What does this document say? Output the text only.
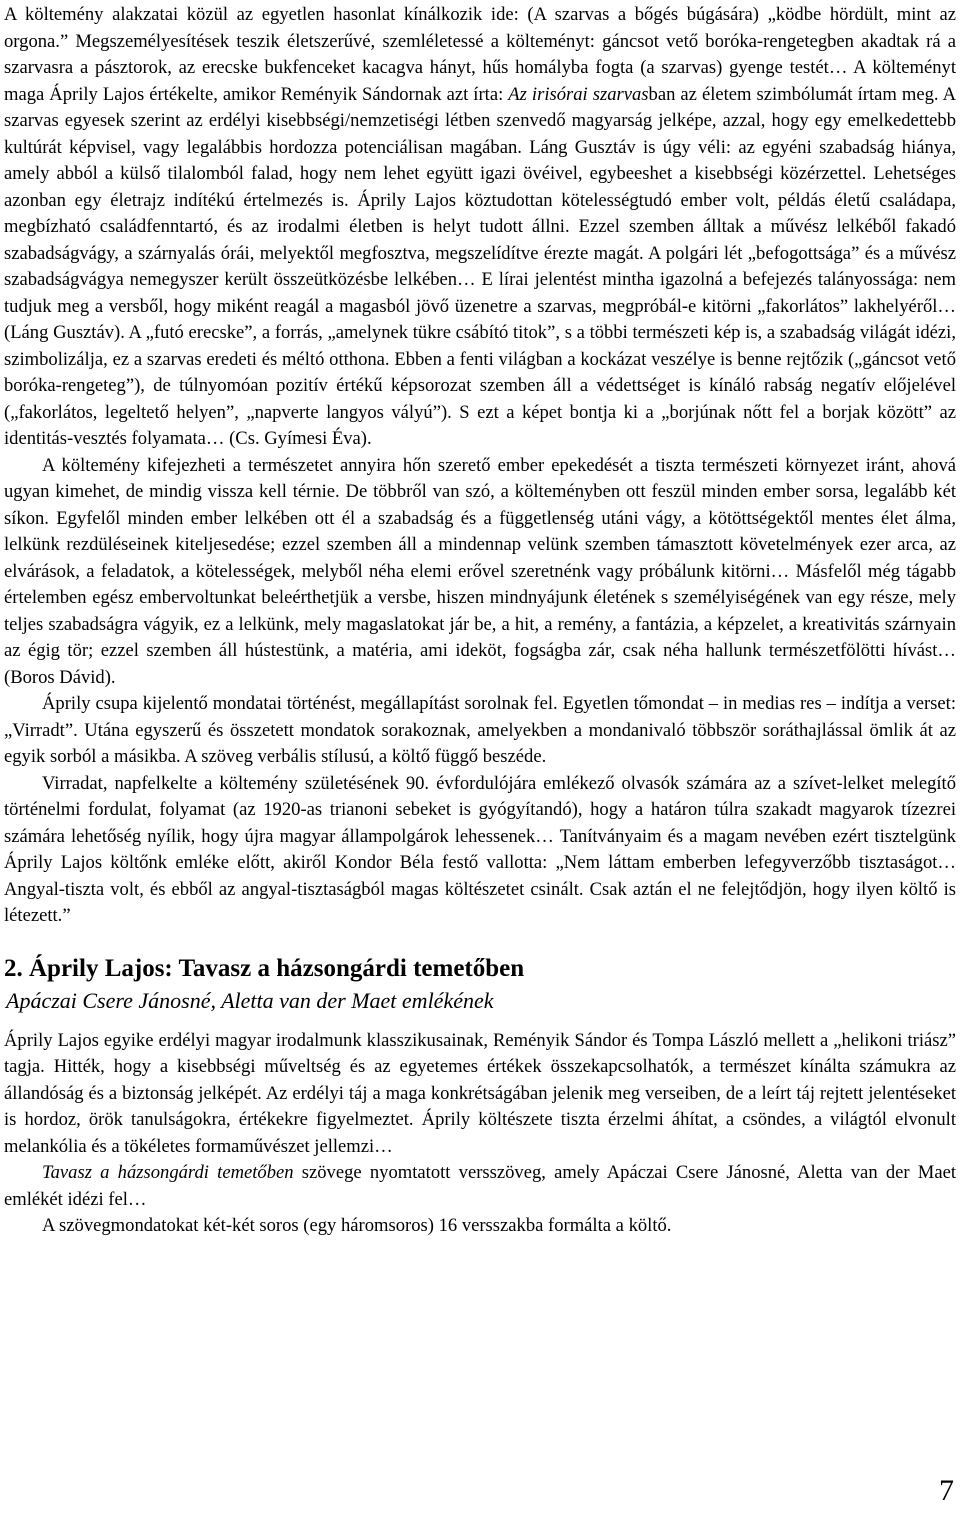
A költemény alakzatai közül az egyetlen hasonlat kínálkozik ide: (A szarvas a bőgés búgására) „ködbe hördült, mint az orgona.” Megszemélyesítések teszik életszerűvé, szemléletessé a költeményt: gáncsot vető boróka-rengetegben akadtak rá a szarvasra a pásztorok, az erecske bukfenceket kacagva hányt, hűs homályba fogta (a szarvas) gyenge testét… A költeményt maga Áprily Lajos értékelte, amikor Reményik Sándornak azt írta: Az irisórai szarvasban az életem szimbólumát írtam meg. A szarvas egyesek szerint az erdélyi kisebbségi/nemzetiségi létben szenvedő magyarság jelképe, azzal, hogy egy emelkedettebb kultúrát képvisel, vagy legalábbis hordozza potenciálisan magában. Láng Gusztáv is úgy véli: az egyéni szabadság hiánya, amely abból a külső tilalomból falad, hogy nem lehet együtt igazi övéivel, egybeeshet a kisebbségi közérzettel. Lehetséges azonban egy életrajz indítékú értelmezés is. Áprily Lajos köztudottan kötelességtudó ember volt, példás életű családapa, megbízható családfenntartó, és az irodalmi életben is helyt tudott állni. Ezzel szemben álltak a művész lelkéből fakadó szabadságvágy, a szárnyalás órái, melyektől megfosztva, megszelídítve érezte magát. A polgári lét „befogottsága” és a művész szabadságvágya nemegyszer került összeütközésbe lelkében… E lírai jelentést mintha igazolná a befejezés talányossága: nem tudjuk meg a versből, hogy miként reagál a magasból jövő üzenetre a szarvas, megpróbál-e kitörni „fakorlátos” lakhelyéről… (Láng Gusztáv). A „futó erecske”, a forrás, „amelynek tükre csábító titok”, s a többi természeti kép is, a szabadság világát idézi, szimbolizálja, ez a szarvas eredeti és méltó otthona. Ebben a fenti világban a kockázat veszélye is benne rejtőzik („gáncsot vető boróka-rengeteg”), de túlnyomóan pozitív értékű képsorozat szemben áll a védettséget is kínáló rabság negatív előjelével („fakorlátos, legeltető helyen”, „napverte langyos vályú”). S ezt a képet bontja ki a „borjúnak nőtt fel a borjak között” az identitás-vesztés folyamata… (Cs. Gyímesi Éva).

A költemény kifejezheti a természetet annyira hőn szerető ember epekedését a tiszta természeti környezet iránt, ahová ugyan kimehet, de mindig vissza kell térnie. De többről van szó, a költeményben ott feszül minden ember sorsa, legalább két síkon. Egyfelől minden ember lelkében ott él a szabadság és a függetlenség utáni vágy, a kötöttségektől mentes élet álma, lelkünk rezdüléseinek kiteljesedése; ezzel szemben áll a mindennap velünk szemben támasztott követelmények ezer arca, az elvárások, a feladatok, a kötelességek, melyből néha elemi erővel szeretnénk vagy próbálunk kitörni… Másfelől még tágabb értelemben egész embervoltunkat beleérthetjük a versbe, hiszen mindnyájunk életének s személyiségének van egy része, mely teljes szabadságra vágyik, ez a lelkünk, mely magaslatokat jár be, a hit, a remény, a fantázia, a képzelet, a kreativitás szárnyain az égig tör; ezzel szemben áll hústestünk, a matéria, ami ideköt, fogságba zár, csak néha hallunk természetfölötti hívást…(Boros Dávid).

Áprily csupa kijelentő mondatai történést, megállapítást sorolnak fel. Egyetlen tőmondat – in medias res – indítja a verset: „Virradt”. Utána egyszerű és összetett mondatok sorakoznak, amelyekben a mondanivaló többször soráthajlással ömlik át az egyik sorból a másikba. A szöveg verbális stílusú, a költő függő beszéde.

Virradat, napfelkelte a költemény születésének 90. évfordulójára emlékező olvasók számára az a szívet-lelket melegítő történelmi fordulat, folyamat (az 1920-as trianoni sebeket is gyógyítandó), hogy a határon túlra szakadt magyarok tízezrei számára lehetőség nyílik, hogy újra magyar állampolgárok lehessenek… Tanítványaim és a magam nevében ezért tisztelgünk Áprily Lajos költőnk emléke előtt, akiről Kondor Béla festő vallotta: „Nem láttam emberben lefegyverzőbb tisztaságot… Angyal-tiszta volt, és ebből az angyal-tisztaságból magas költészetet csinált. Csak aztán el ne felejtődjön, hogy ilyen költő is létezett.”

2. Áprily Lajos: Tavasz a házsongárdi temetőben
Apáczai Csere Jánosné, Aletta van der Maet emlékének

Áprily Lajos egyike erdélyi magyar irodalmunk klasszikusainak, Reményik Sándor és Tompa László mellett a „helikoni triász” tagja. Hitték, hogy a kisebbségi műveltség és az egyetemes értékek összekapcsolhatók, a természet kínálta számukra az állandóság és a biztonság jelképét. Az erdélyi táj a maga konkrétságában jelenik meg verseiben, de a leírt táj rejtett jelentéseket is hordoz, örök tanulságokra, értékekre figyelmeztet. Áprily költészete tiszta érzelmi áhítat, a csöndes, a világtól elvonult melankólia és a tökéletes formaművészet jellemzi…

Tavasz a házsongárdi temetőben szövege nyomtatott versszöveg, amely Apáczai Csere Jánosné, Aletta van der Maet emlékét idézi fel…

A szövegmondatokat két-két soros (egy háromsoros) 16 versszakba formálta a költő.

7
